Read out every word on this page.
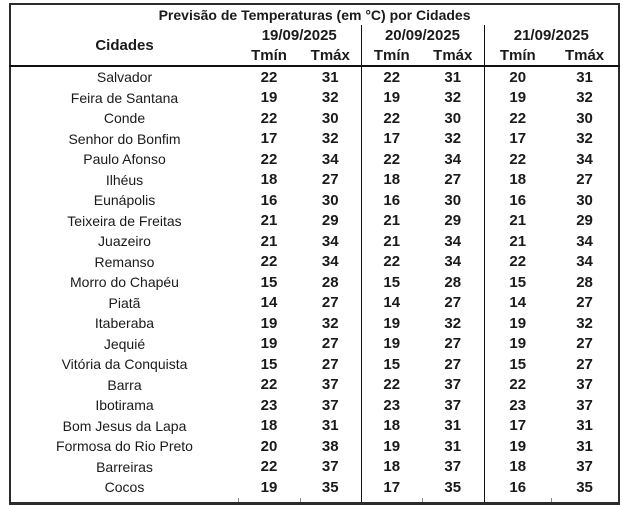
Previsão de Temperaturas (em °C) por Cidades						
Cidades	19/09/2025		20/09/2025		21/09/2025	
	Tmín	Tmáx	Tmín	Tmáx	Tmín	Tmáx
Salvador	22	31	22	31	20	31
Feira de Santana	19	32	19	32	19	32
Conde	22	30	22	30	22	30
Senhor do Bonfim	17	32	17	32	17	32
Paulo Afonso	22	34	22	34	22	34
Ilhéus	18	27	18	27	18	27
Eunápolis	16	30	16	30	16	30
Teixeira de Freitas	21	29	21	29	21	29
Juazeiro	21	34	21	34	21	34
Remanso	22	34	22	34	22	34
Morro do Chapéu	15	28	15	28	15	28
Piatã	14	27	14	27	14	27
Itaberaba	19	32	19	32	19	32
Jequié	19	27	19	27	19	27
Vitória da Conquista	15	27	15	27	15	27
Barra	22	37	22	37	22	37
Ibotirama	23	37	23	37	23	37
Bom Jesus da Lapa	18	31	18	31	17	31
Formosa do Rio Preto	20	38	19	31	19	31
Barreiras	22	37	18	37	18	37
Cocos	19	35	17	35	16	35
